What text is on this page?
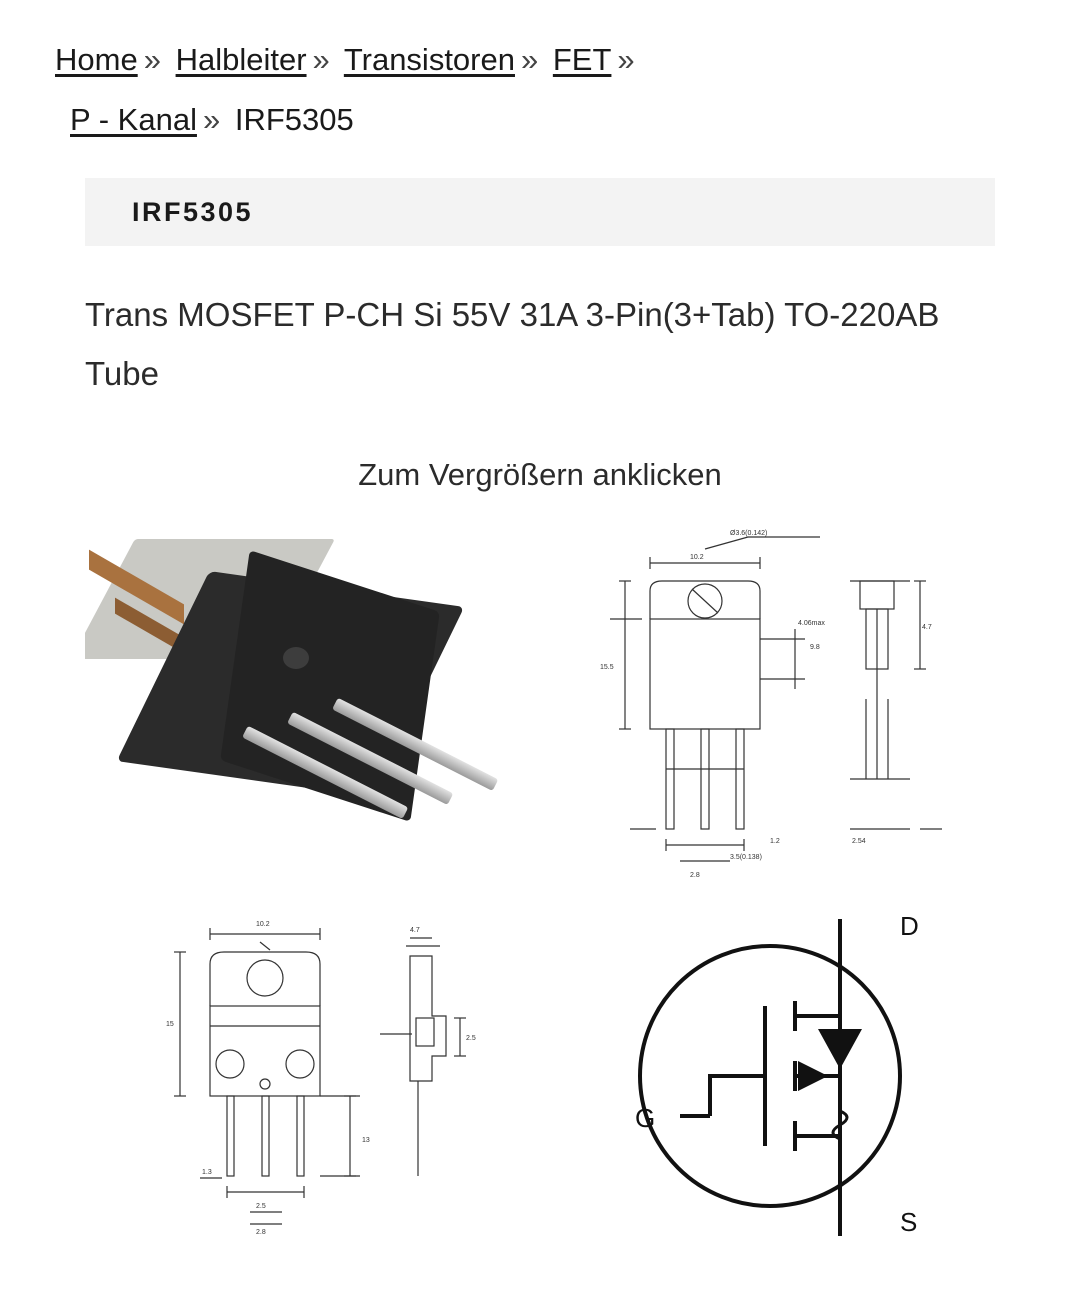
Home » Halbleiter » Transistoren » FET »
P - Kanal » IRF5305
IRF5305
Trans MOSFET P-CH Si 55V 31A 3-Pin(3+Tab) TO-220AB Tube
Zum Vergrößern anklicken
Ø3.6(0.142)
15.5
10.2
4.06max
9.8
2.8
1.2
3.5(0.138)
4.7
2.54
10.2
15
13
1.3
2.5
2.8
4.7
2.5
D
G
S
